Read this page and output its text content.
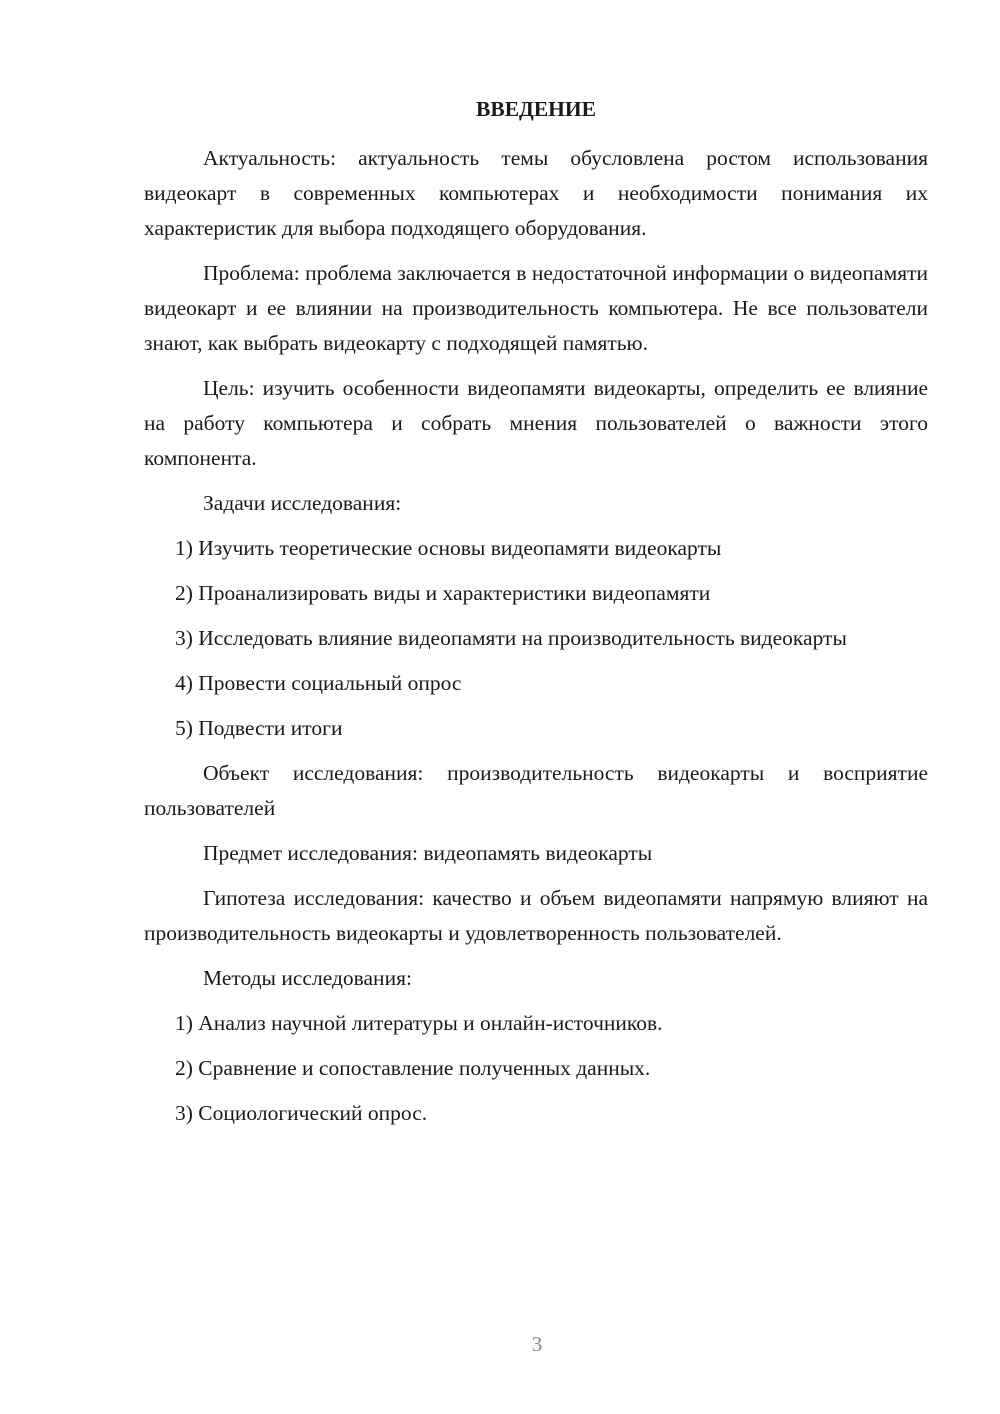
ВВЕДЕНИЕ
Актуальность: актуальность темы обусловлена ростом использования видеокарт в современных компьютерах и необходимости понимания их характеристик для выбора подходящего оборудования.
Проблема: проблема заключается в недостаточной информации о видеопамяти видеокарт и ее влиянии на производительность компьютера. Не все пользователи знают, как выбрать видеокарту с подходящей памятью.
Цель: изучить особенности видеопамяти видеокарты, определить ее влияние на работу компьютера и собрать мнения пользователей о важности этого компонента.
Задачи исследования:
1) Изучить теоретические основы видеопамяти видеокарты
2) Проанализировать виды и характеристики видеопамяти
3) Исследовать влияние видеопамяти на производительность видеокарты
4) Провести социальный опрос
5) Подвести итоги
Объект исследования: производительность видеокарты и восприятие пользователей
Предмет исследования: видеопамять видеокарты
Гипотеза исследования: качество и объем видеопамяти напрямую влияют на производительность видеокарты и удовлетворенность пользователей.
Методы исследования:
1) Анализ научной литературы и онлайн-источников.
2) Сравнение и сопоставление полученных данных.
3) Социологический опрос.
3
